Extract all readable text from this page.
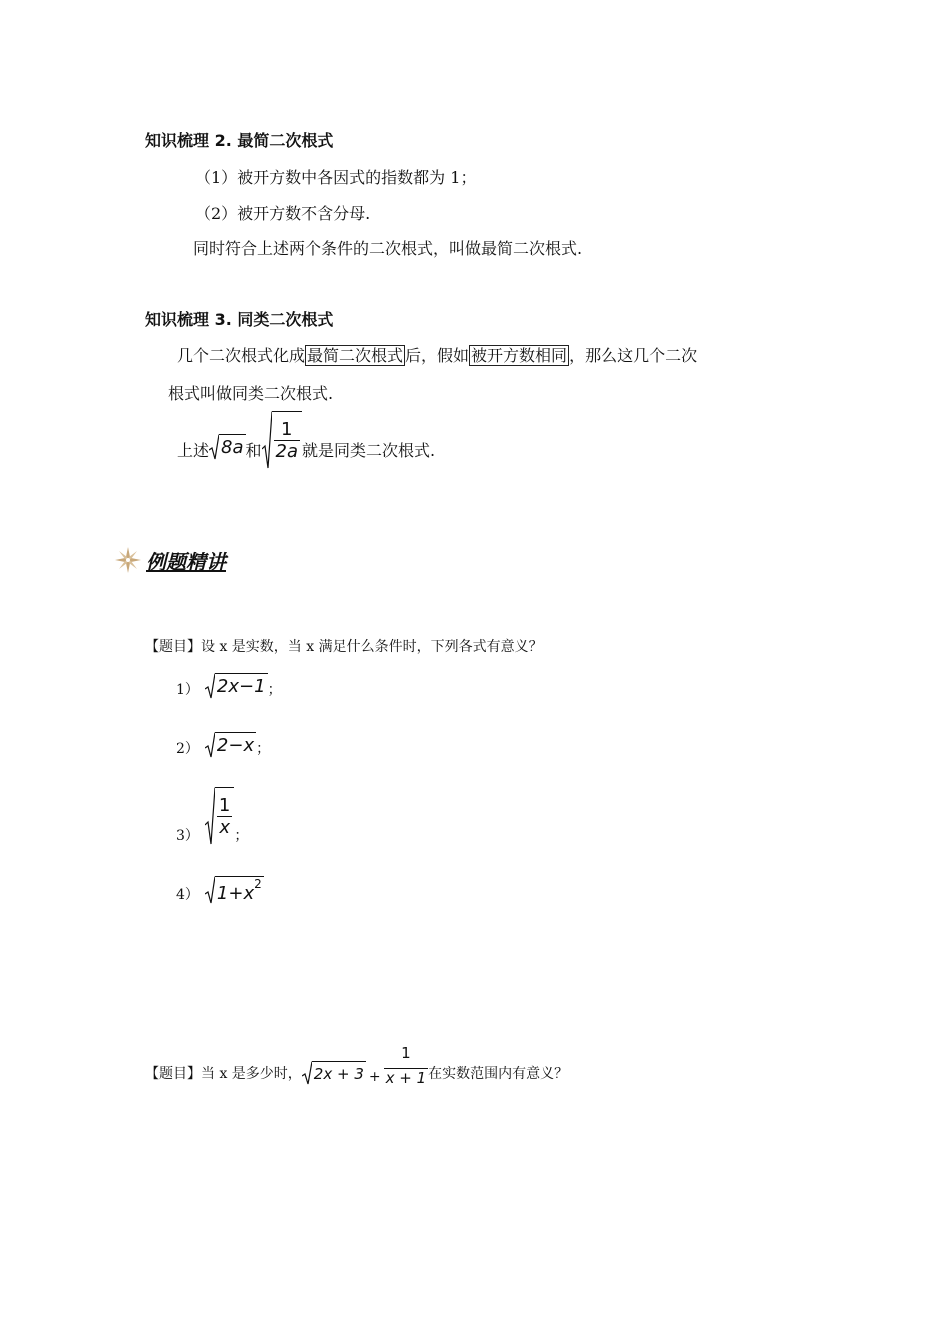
知识梳理 2. 最简二次根式
（1）被开方数中各因式的指数都为 1；
（2）被开方数不含分母.
同时符合上述两个条件的二次根式，叫做最简二次根式.
知识梳理 3. 同类二次根式
几个二次根式化成 最简二次根式 后，假如 被开方数相同 ，那么这几个二次
根式叫做同类二次根式.
上述 8a 和 $\frac{1}{2a}$ 就是同类二次根式.
例题精讲
【题目】设 x 是实数，当 x 满足什么条件时，下列各式有意义？
1） 2x−1 ；
2） 2−x ；
$3) \frac{1}{x}$ ；
4） $1+x^2$
【题目】当 x 是多少时， $2x + 3 + \frac{1}{x + 1}$ 在实数范围内有意义？
